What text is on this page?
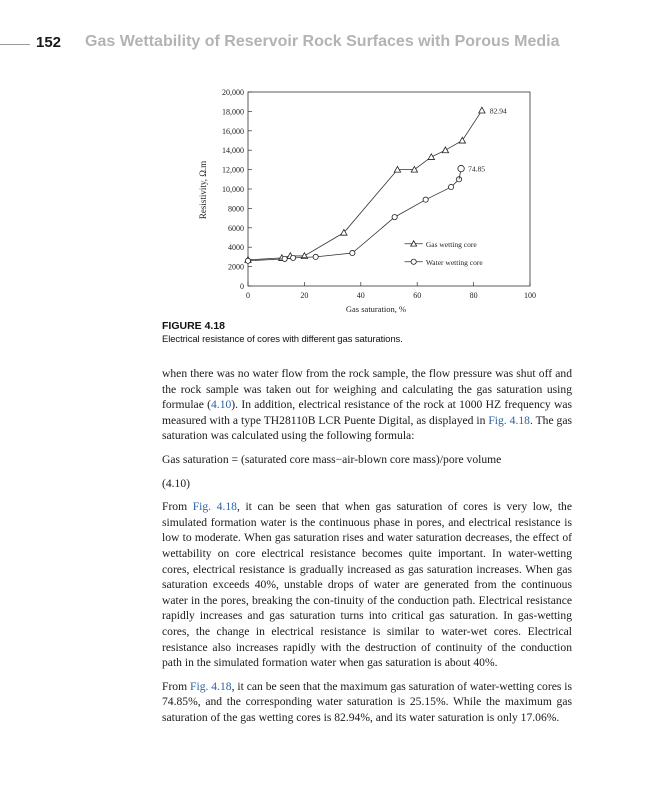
152 Gas Wettability of Reservoir Rock Surfaces with Porous Media
0
2000
4000
6000
8000
10,000
12,000
14,000
16,000
18,000
20,000
0	20	40	60	80	100
82.94
74.85
Gas wetting core
Water wetting core
Resistivity, Ω.m
Gas saturation, %
FIGURE 4.18
Electrical resistance of cores with different gas saturations.

when there was no water flow from the rock sample, the flow pressure was shut off and the rock sample was taken out for weighing and calculating the gas saturation using formulae (4.10). In addition, electrical resistance of the rock at 1000 HZ frequency was measured with a type TH28110B LCR Puente Digital, as displayed in Fig. 4.18. The gas saturation was calculated using the following formula:

Gas saturation = (saturated core mass−air-blown core mass)/pore volume

(4.10)

From Fig. 4.18, it can be seen that when gas saturation of cores is very low, the simulated formation water is the continuous phase in pores, and electrical resistance is low to moderate. When gas saturation rises and water saturation decreases, the effect of wettability on core electrical resistance becomes quite important. In water-wetting cores, electrical resistance is gradually increased as gas saturation increases. When gas saturation exceeds 40%, unstable drops of water are generated from the continuous water in the pores, breaking the con-tinuity of the conduction path. Electrical resistance rapidly increases and gas saturation turns into critical gas saturation. In gas-wetting cores, the change in electrical resistance is similar to water-wet cores. Electrical resistance also increases rapidly with the destruction of continuity of the conduction path in the simulated formation water when gas saturation is about 40%.

From Fig. 4.18, it can be seen that the maximum gas saturation of water-wetting cores is 74.85%, and the corresponding water saturation is 25.15%. While the maximum gas saturation of the gas wetting cores is 82.94%, and its water saturation is only 17.06%.
